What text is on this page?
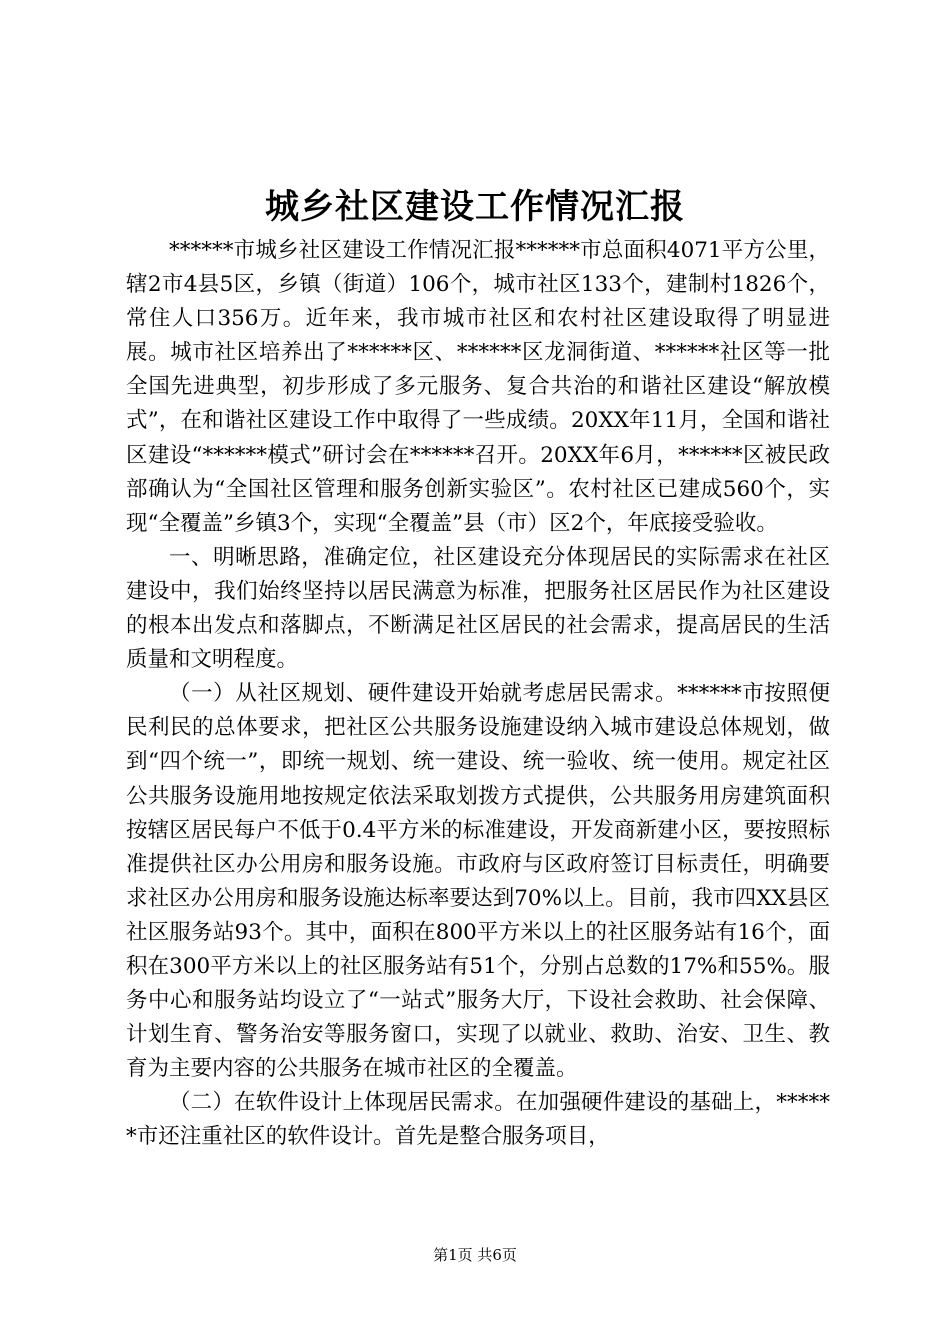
城乡社区建设工作情况汇报

******市城乡社区建设工作情况汇报******市总面积4071平方公里，辖2市4县5区，乡镇（街道）106个，城市社区133个，建制村1826个，常住人口356万。近年来，我市城市社区和农村社区建设取得了明显进展。城市社区培养出了******区、******区龙洞街道、******社区等一批全国先进典型，初步形成了多元服务、复合共治的和谐社区建设“解放模式”，在和谐社区建设工作中取得了一些成绩。20XX年11月，全国和谐社区建设“******模式”研讨会在******召开。20XX年6月，******区被民政部确认为“全国社区管理和服务创新实验区”。农村社区已建成560个，实现“全覆盖”乡镇3个，实现“全覆盖”县（市）区2个，年底接受验收。

一、明晰思路，准确定位，社区建设充分体现居民的实际需求在社区建设中，我们始终坚持以居民满意为标准，把服务社区居民作为社区建设的根本出发点和落脚点，不断满足社区居民的社会需求，提高居民的生活质量和文明程度。

（一）从社区规划、硬件建设开始就考虑居民需求。******市按照便民利民的总体要求，把社区公共服务设施建设纳入城市建设总体规划，做到“四个统一”，即统一规划、统一建设、统一验收、统一使用。规定社区公共服务设施用地按规定依法采取划拨方式提供，公共服务用房建筑面积按辖区居民每户不低于0.4平方米的标准建设，开发商新建小区，要按照标准提供社区办公用房和服务设施。市政府与区政府签订目标责任，明确要求社区办公用房和服务设施达标率要达到70%以上。目前，我市四XX县区社区服务站93个。其中，面积在800平方米以上的社区服务站有16个，面积在300平方米以上的社区服务站有51个，分别占总数的17%和55%。服务中心和服务站均设立了“一站式”服务大厅，下设社会救助、社会保障、计划生育、警务治安等服务窗口，实现了以就业、救助、治安、卫生、教育为主要内容的公共服务在城市社区的全覆盖。

（二）在软件设计上体现居民需求。在加强硬件建设的基础上，******市还注重社区的软件设计。首先是整合服务项目，

第1页 共6页
